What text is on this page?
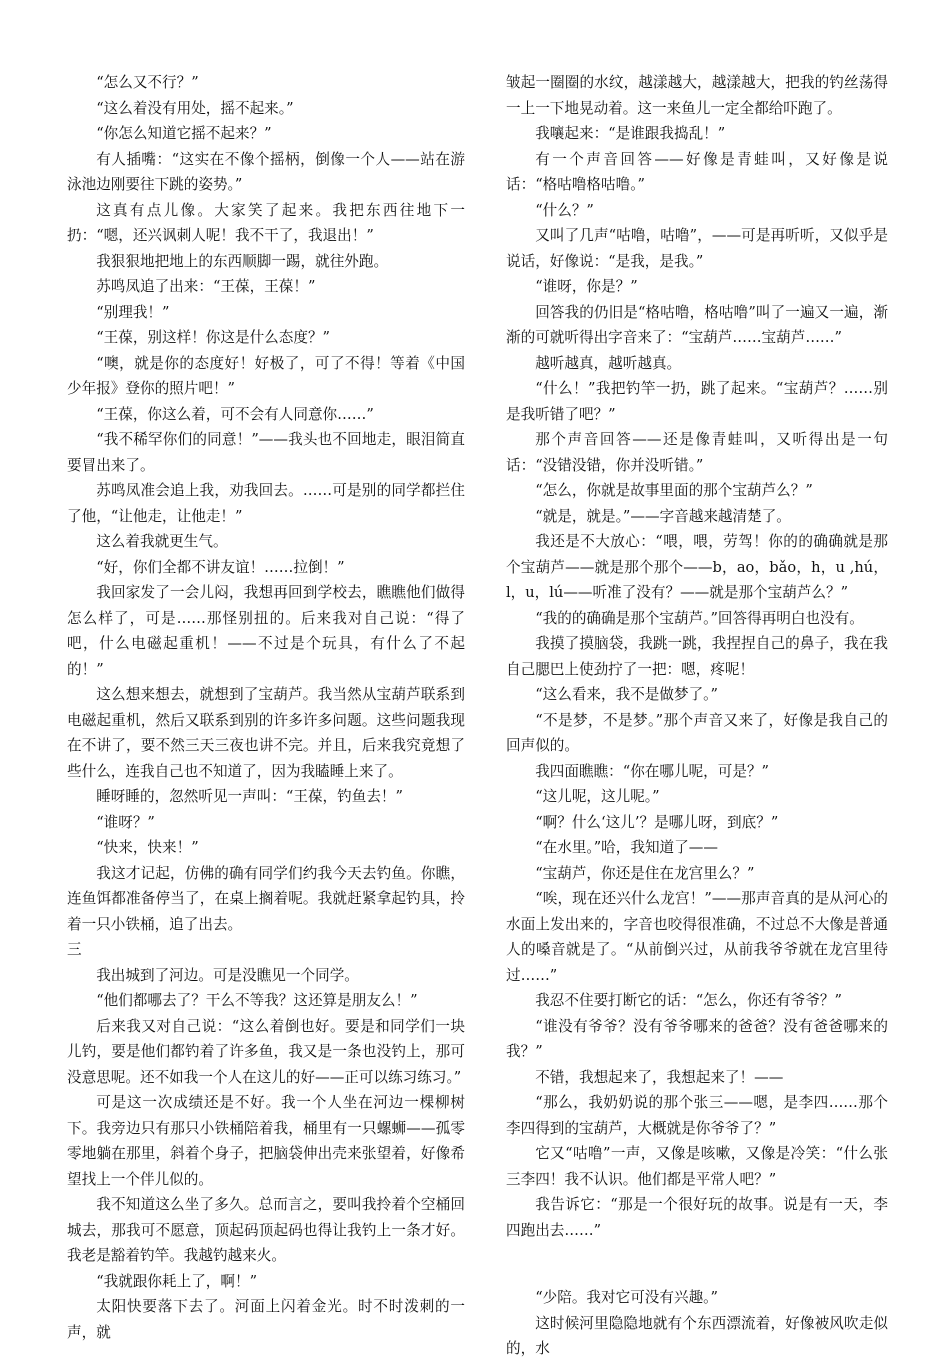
“怎么又不行？”

“这么着没有用处，摇不起来。”

“你怎么知道它摇不起来？”

有人插嘴：“这实在不像个摇柄，倒像一个人——站在游泳池边刚要往下跳的姿势。”

这真有点儿像。大家笑了起来。我把东西往地下一扔：“嗯，还兴讽刺人呢！我不干了，我退出！”

我狠狠地把地上的东西顺脚一踢，就往外跑。

苏鸣凤追了出来：“王葆，王葆！”

“别理我！”

“王葆，别这样！你这是什么态度？”

“噢，就是你的态度好！好极了，可了不得！等着《中国少年报》登你的照片吧！”

“王葆，你这么着，可不会有人同意你……”

“我不稀罕你们的同意！”——我头也不回地走，眼泪简直要冒出来了。

苏鸣凤准会追上我，劝我回去。……可是别的同学都拦住了他，“让他走，让他走！”

这么着我就更生气。

“好，你们全都不讲友谊！……拉倒！”

我回家发了一会儿闷，我想再回到学校去，瞧瞧他们做得怎么样了，可是……那怪别扭的。后来我对自己说：“得了吧，什么电磁起重机！——不过是个玩具，有什么了不起的！”

这么想来想去，就想到了宝葫芦。我当然从宝葫芦联系到电磁起重机，然后又联系到别的许多许多问题。这些问题我现在不讲了，要不然三天三夜也讲不完。并且，后来我究竟想了些什么，连我自己也不知道了，因为我瞌睡上来了。

睡呀睡的，忽然听见一声叫：“王葆，钓鱼去！”

“谁呀？”

“快来，快来！”

我这才记起，仿佛的确有同学们约我今天去钓鱼。你瞧，连鱼饵都准备停当了，在桌上搁着呢。我就赶紧拿起钓具，拎着一只小铁桶，追了出去。

三

我出城到了河边。可是没瞧见一个同学。

“他们都哪去了？干么不等我？这还算是朋友么！”

后来我又对自己说：“这么着倒也好。要是和同学们一块儿钓，要是他们都钓着了许多鱼，我又是一条也没钓上，那可没意思呢。还不如我一个人在这儿的好——正可以练习练习。”

可是这一次成绩还是不好。我一个人坐在河边一棵柳树下。我旁边只有那只小铁桶陪着我，桶里有一只螺蛳——孤零零地躺在那里，斜着个身子，把脑袋伸出壳来张望着，好像希望找上一个伴儿似的。

我不知道这么坐了多久。总而言之，要叫我拎着个空桶回城去，那我可不愿意，顶起码顶起码也得让我钓上一条才好。我老是豁着钓竿。我越钓越来火。

“我就跟你耗上了，啊！”

太阳快要落下去了。河面上闪着金光。时不时泼刺的一声，就

皱起一圈圈的水纹，越漾越大，越漾越大，把我的钓丝荡得一上一下地晃动着。这一来鱼儿一定全都给吓跑了。

我嚷起来：“是谁跟我捣乱！”

有一个声音回答——好像是青蛙叫，又好像是说话：“格咕噜格咕噜。”

“什么？”

又叫了几声“咕噜，咕噜”，——可是再听听，又似乎是说话，好像说：“是我，是我。”

“谁呀，你是？”

回答我的仍旧是“格咕噜，格咕噜”叫了一遍又一遍，渐渐的可就听得出字音来了：“宝葫芦……宝葫芦……”

越听越真，越听越真。

“什么！”我把钓竿一扔，跳了起来。“宝葫芦？……别是我听错了吧？”

那个声音回答——还是像青蛙叫，又听得出是一句话：“没错没错，你并没听错。”

“怎么，你就是故事里面的那个宝葫芦么？”

“就是，就是。”——字音越来越清楚了。

我还是不大放心：“喂，喂，劳驾！你的的确确就是那个宝葫芦——就是那个那个——b，ao，bǎo，h，u ,hú，l，u，lú——听准了没有？——就是那个宝葫芦么？”

“我的的确确是那个宝葫芦。”回答得再明白也没有。

我摸了摸脑袋，我跳一跳，我捏捏自己的鼻子，我在我自己腮巴上使劲拧了一把：嗯，疼呢！

“这么看来，我不是做梦了。”

“不是梦，不是梦。”那个声音又来了，好像是我自己的回声似的。

我四面瞧瞧：“你在哪儿呢，可是？”

“这儿呢，这儿呢。”

“啊？什么‘这儿’？是哪儿呀，到底？”

“在水里。”哈，我知道了——

“宝葫芦，你还是住在龙宫里么？”

“唉，现在还兴什么龙宫！”——那声音真的是从河心的水面上发出来的，字音也咬得很准确，不过总不大像是普通人的嗓音就是了。“从前倒兴过，从前我爷爷就在龙宫里待过……”

我忍不住要打断它的话：“怎么，你还有爷爷？”

“谁没有爷爷？没有爷爷哪来的爸爸？没有爸爸哪来的我？”

不错，我想起来了，我想起来了！——

“那么，我奶奶说的那个张三——嗯，是李四……那个李四得到的宝葫芦，大概就是你爷爷了？”

它又“咕噜”一声，又像是咳嗽，又像是冷笑：“什么张三李四！我不认识。他们都是平常人吧？”

我告诉它：“那是一个很好玩的故事。说是有一天，李四跑出去……”

“少陪。我对它可没有兴趣。”

这时候河里隐隐地就有个东西漂流着，好像被风吹走似的，水
